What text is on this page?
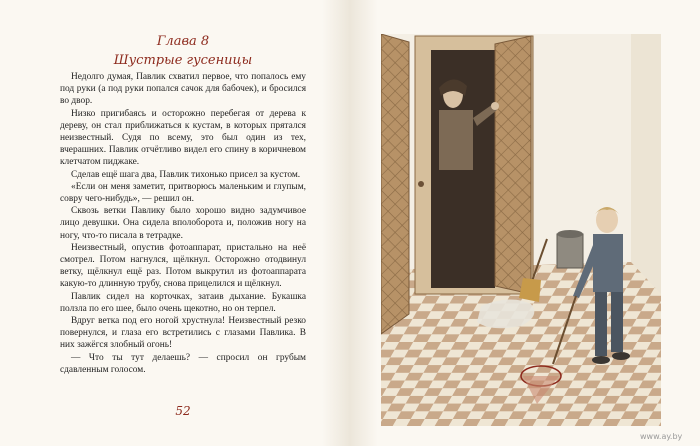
Глава 8
Шустрые гусеницы

Недолго думая, Павлик схватил первое, что попалось ему под руки (а под руки попался сачок для бабочек), и бросился во двор.

Низко пригибаясь и осторожно перебегая от дерева к дереву, он стал приближаться к кустам, в которых прятался неизвестный. Судя по всему, это был один из тех, вчерашних. Павлик отчётливо видел его спину в коричневом клетчатом пиджаке.

Сделав ещё шага два, Павлик тихонько присел за кустом.

«Если он меня заметит, притворюсь маленьким и глупым, совру чего-нибудь», — решил он.

Сквозь ветки Павлику было хорошо видно задумчивое лицо девушки. Она сидела вполоборота и, положив ногу на ногу, что-то писала в тетрадке.

Неизвестный, опустив фотоаппарат, пристально на неё смотрел. Потом нагнулся, щёлкнул. Осторожно отодвинул ветку, щёлкнул ещё раз. Потом выкрутил из фотоаппарата какую-то длинную трубу, снова прицелился и щёлкнул.

Павлик сидел на корточках, затаив дыхание. Букашка ползла по его шее, было очень щекотно, но он терпел.

Вдруг ветка под его ногой хрустнула! Неизвестный резко повернулся, и глаза его встретились с глазами Павлика. В них зажёгся злобный огонь!

— Что ты тут делаешь? — спросил он грубым сдавленным голосом.

52
www.ay.by
